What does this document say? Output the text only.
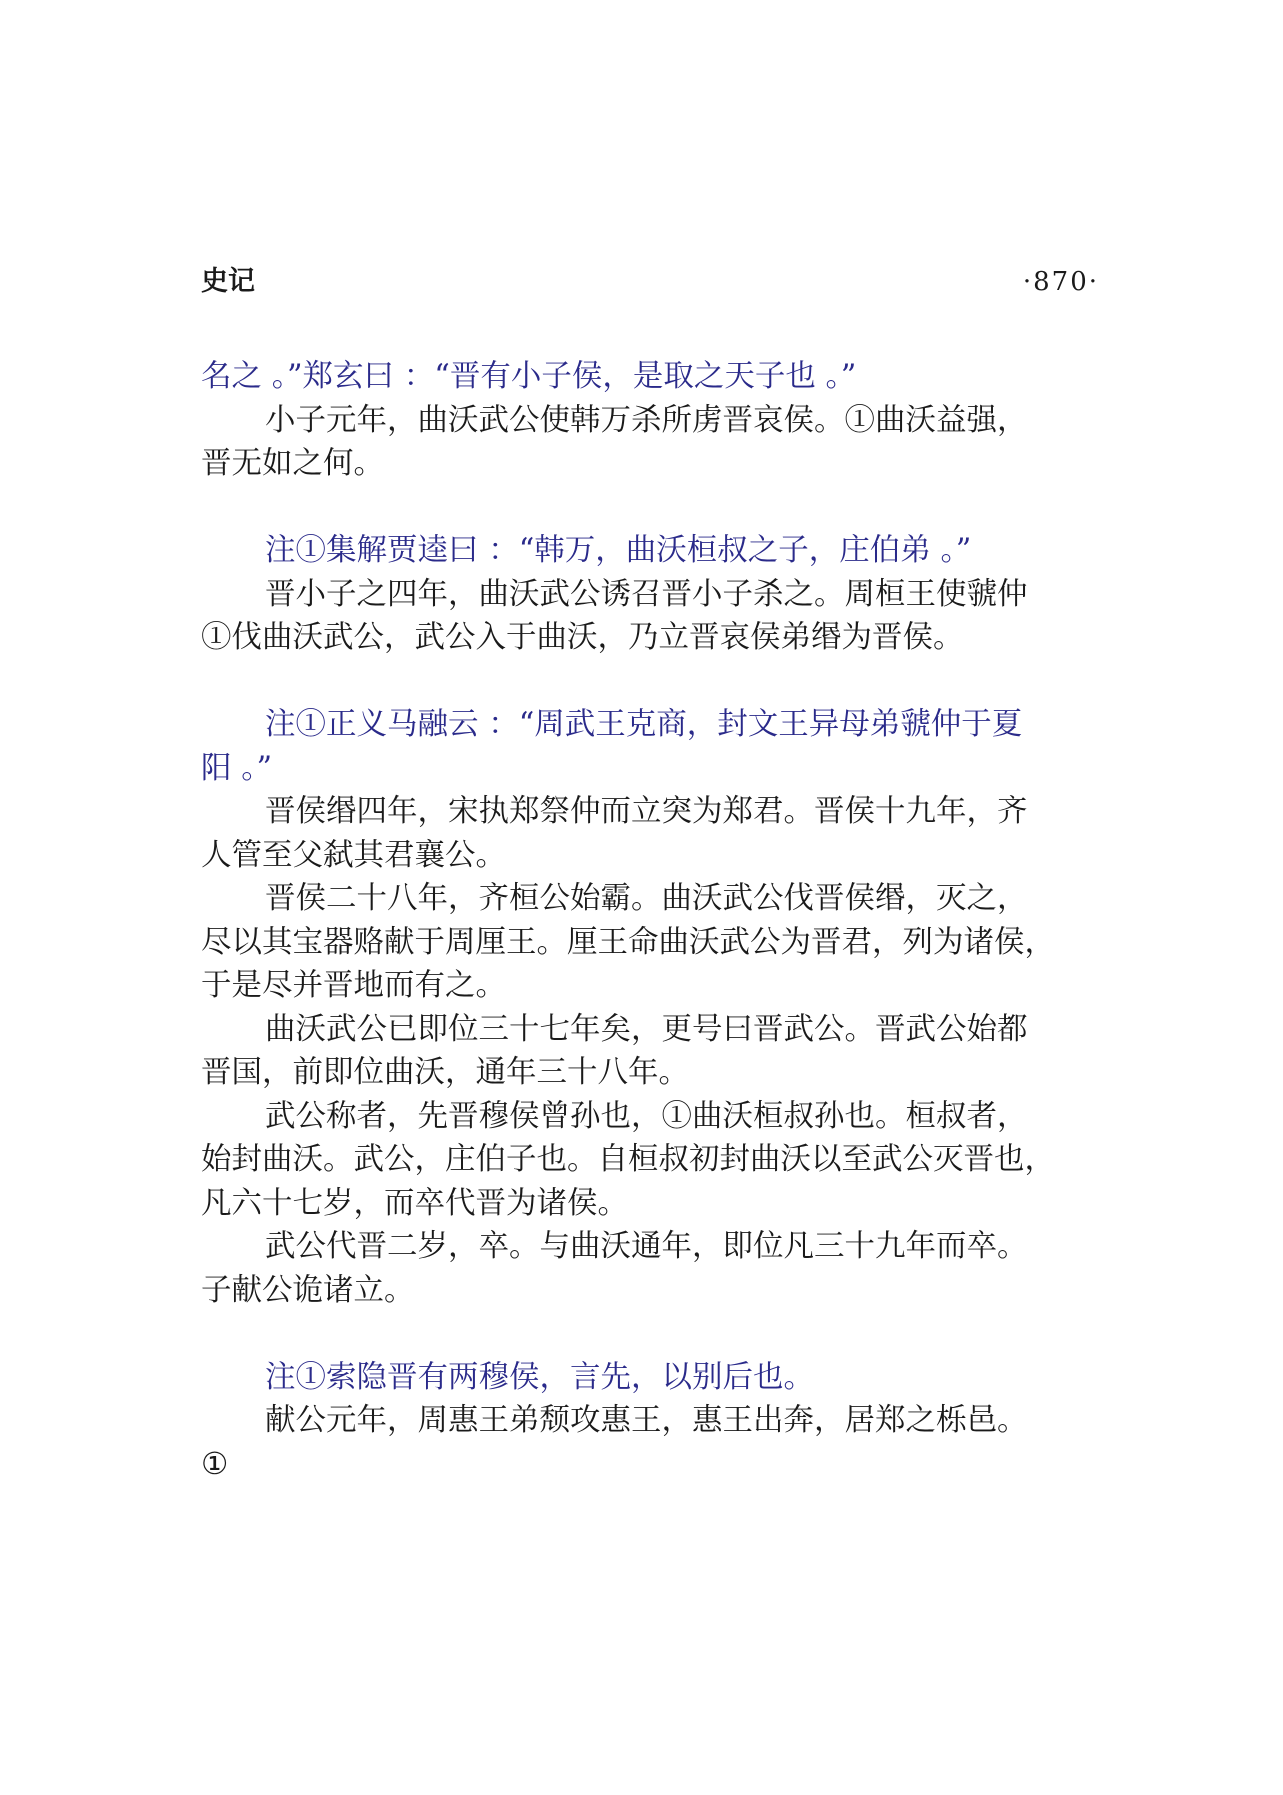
史记	·870·

名之 。”郑玄曰 ：“晋有小子侯，是取之天子也 。”

小子元年，曲沃武公使韩万杀所虏晋哀侯。①曲沃益强，

晋无如之何。

注①集解贾逵曰 ：“韩万，曲沃桓叔之子，庄伯弟 。”

晋小子之四年，曲沃武公诱召晋小子杀之。周桓王使虢仲

①伐曲沃武公，武公入于曲沃，乃立晋哀侯弟缗为晋侯。

注①正义马融云 ：“周武王克商，封文王异母弟虢仲于夏

阳 。”

晋侯缗四年，宋执郑祭仲而立突为郑君。晋侯十九年，齐

人管至父弑其君襄公。

晋侯二十八年，齐桓公始霸。曲沃武公伐晋侯缗，灭之，

尽以其宝器赂献于周厘王。厘王命曲沃武公为晋君，列为诸侯，

于是尽并晋地而有之。

曲沃武公已即位三十七年矣，更号曰晋武公。晋武公始都

晋国，前即位曲沃，通年三十八年。

武公称者，先晋穆侯曾孙也，①曲沃桓叔孙也。桓叔者，

始封曲沃。武公，庄伯子也。自桓叔初封曲沃以至武公灭晋也，

凡六十七岁，而卒代晋为诸侯。

武公代晋二岁，卒。与曲沃通年，即位凡三十九年而卒。

子献公诡诸立。

注①索隐晋有两穆侯，言先，以别后也。

献公元年，周惠王弟颓攻惠王，惠王出奔，居郑之栎邑。

①
